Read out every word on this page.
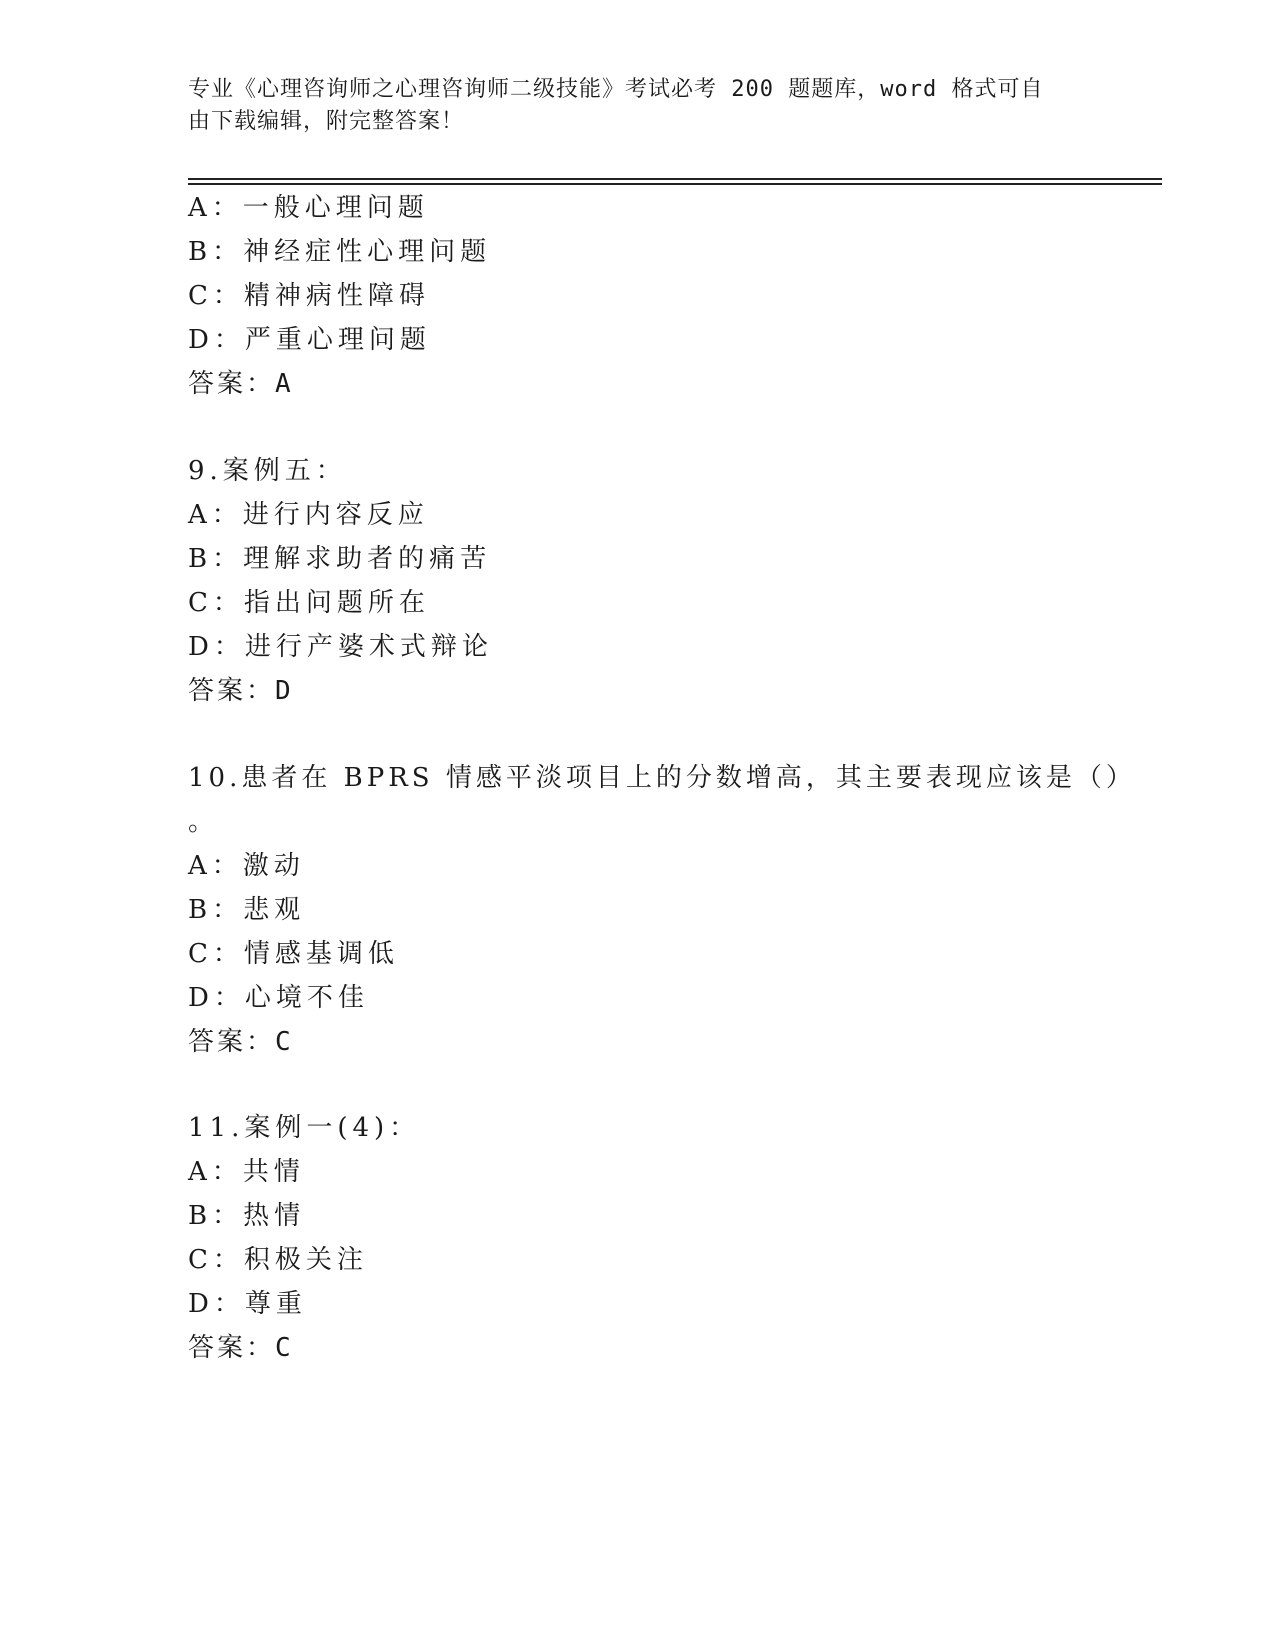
专业《心理咨询师之心理咨询师二级技能》考试必考 200 题题库，word 格式可自
由下载编辑，附完整答案！
A：一般心理问题
B：神经症性心理问题
C：精神病性障碍
D：严重心理问题
答案：A
9.案例五：
A：进行内容反应
B：理解求助者的痛苦
C：指出问题所在
D：进行产婆术式辩论
答案：D
10.患者在 BPRS 情感平淡项目上的分数增高，其主要表现应该是（）
。
A：激动
B：悲观
C：情感基调低
D：心境不佳
答案：C
11.案例一(4)：
A：共情
B：热情
C：积极关注
D：尊重
答案：C
